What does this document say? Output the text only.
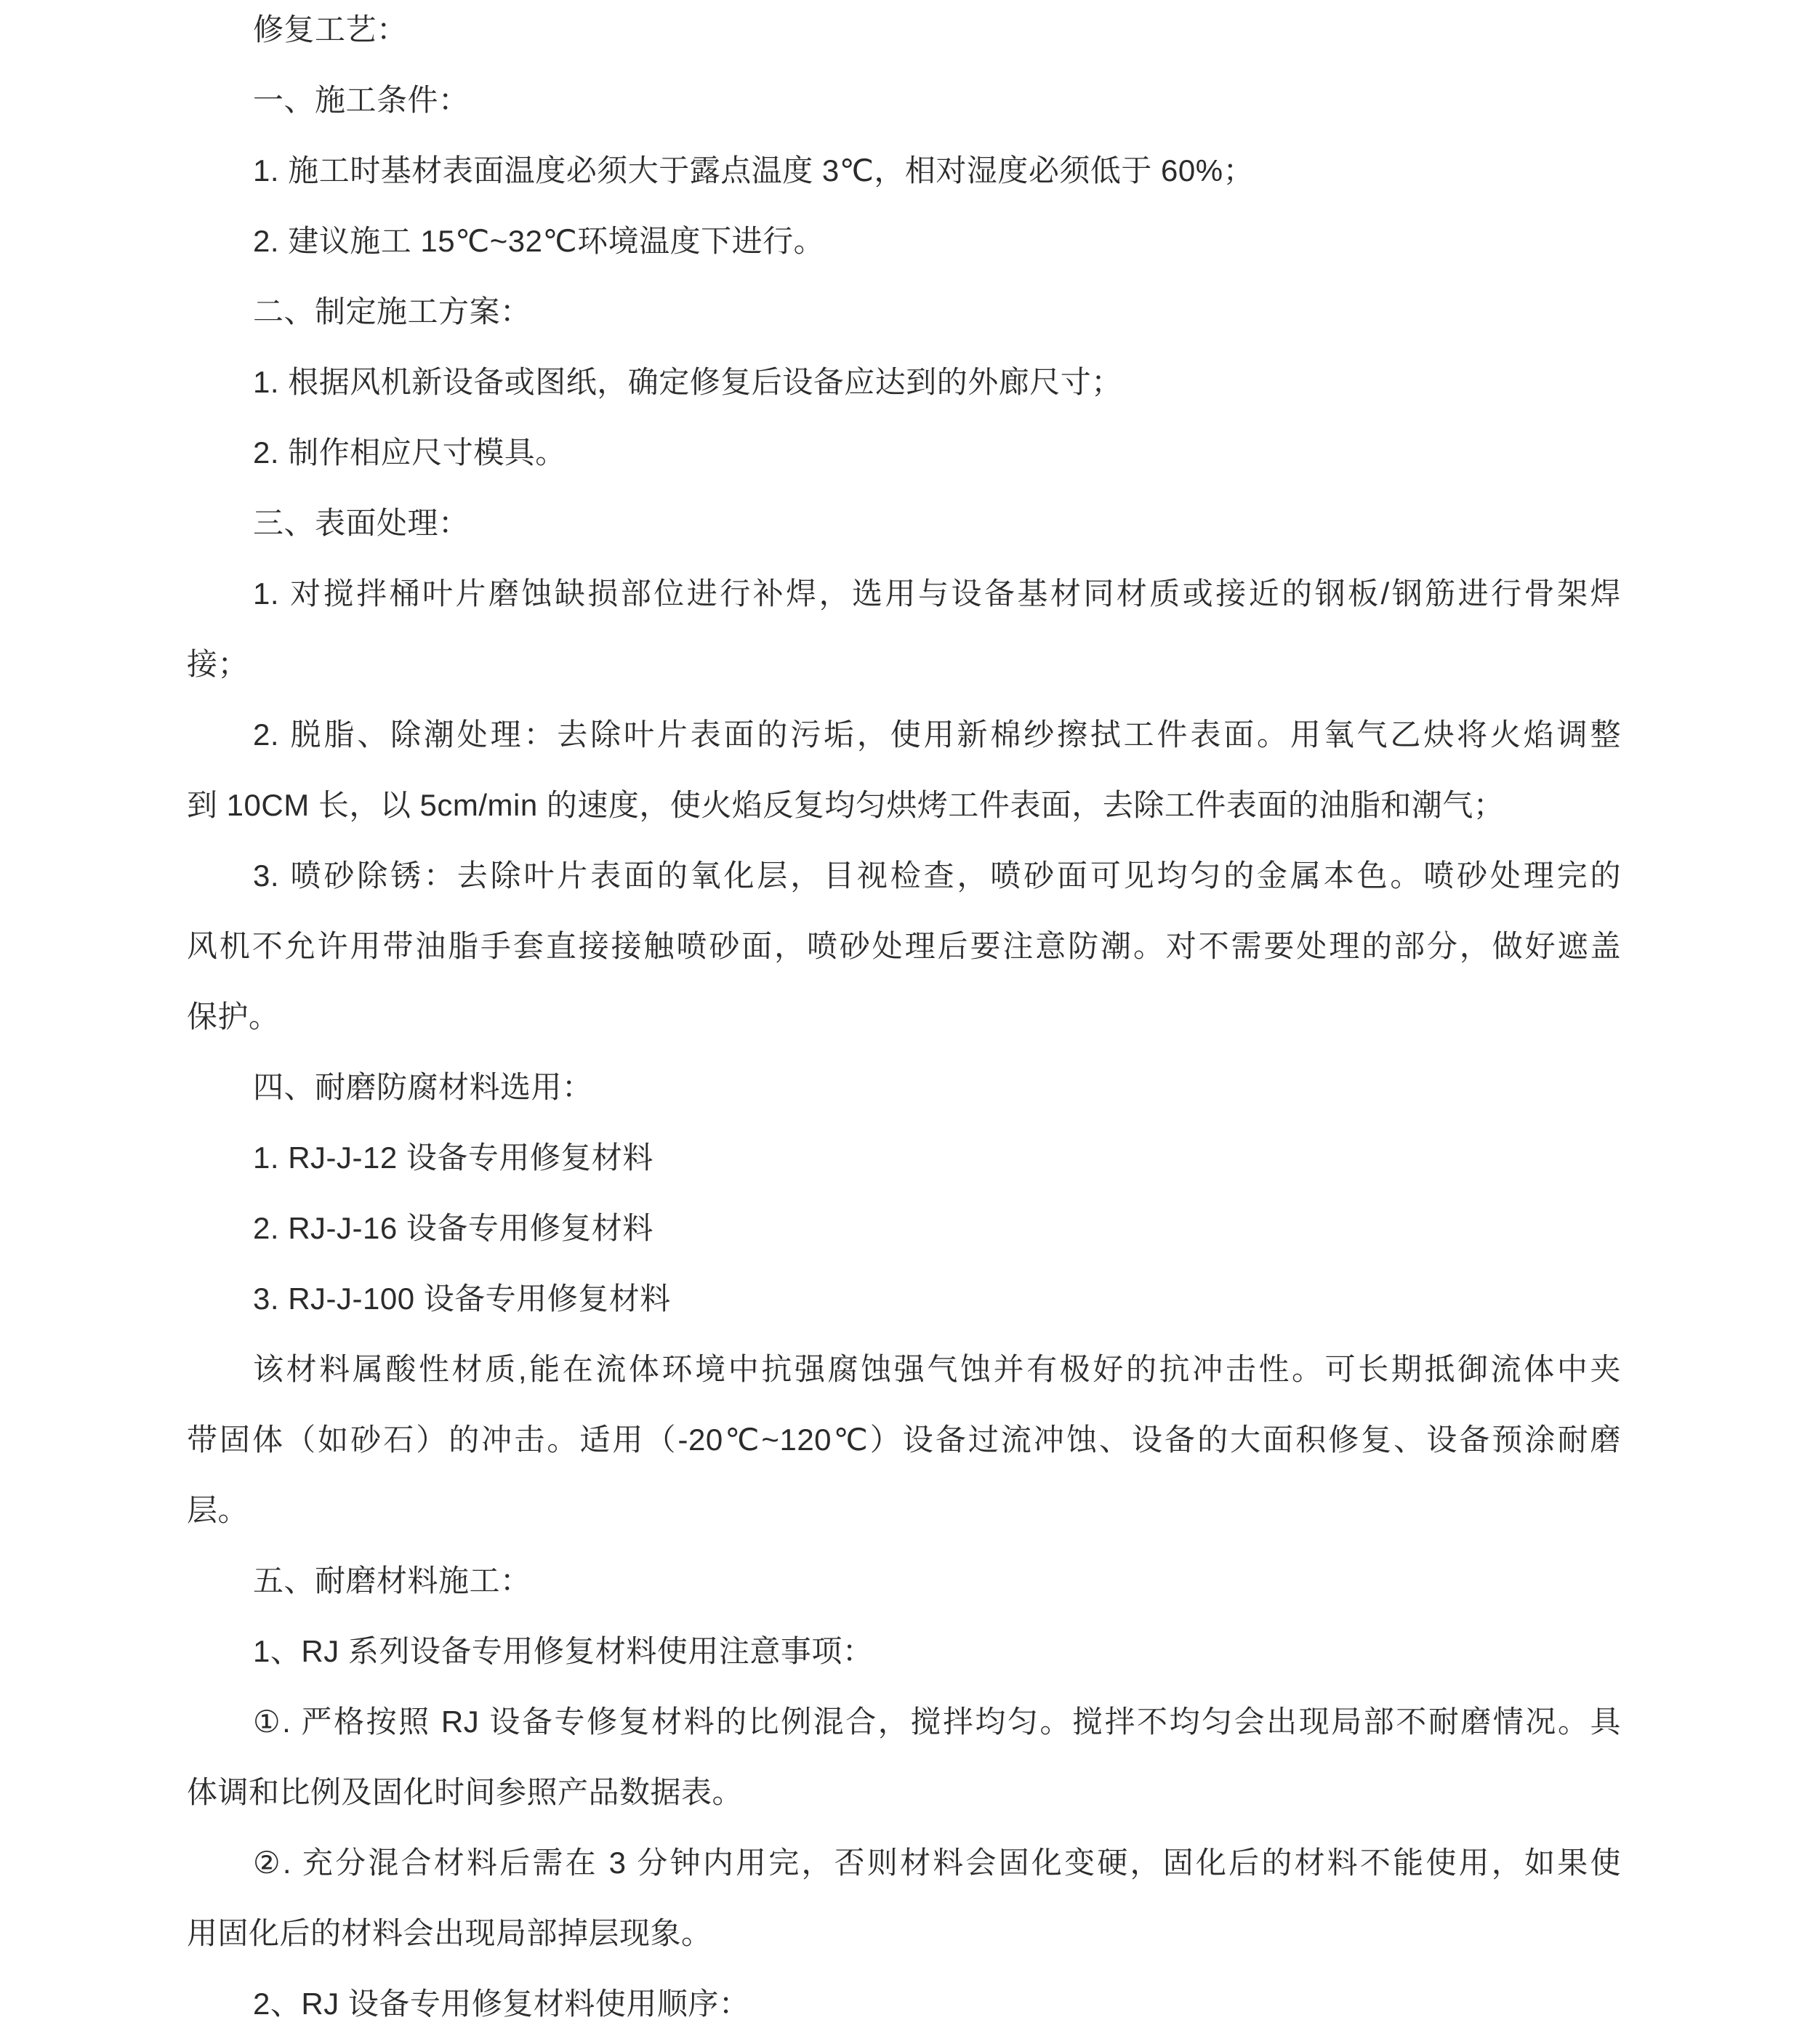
修复工艺：
一、施工条件：
1. 施工时基材表面温度必须大于露点温度 3℃，相对湿度必须低于 60%；
2. 建议施工 15℃~32℃环境温度下进行。
二、制定施工方案：
1. 根据风机新设备或图纸，确定修复后设备应达到的外廊尺寸；
2. 制作相应尺寸模具。
三、表面处理：
1. 对搅拌桶叶片磨蚀缺损部位进行补焊，选用与设备基材同材质或接近的钢板/钢筋进行骨架焊
接；
2. 脱脂、除潮处理：去除叶片表面的污垢，使用新棉纱擦拭工件表面。用氧气乙炔将火焰调整
到 10CM 长，以 5cm/min 的速度，使火焰反复均匀烘烤工件表面，去除工件表面的油脂和潮气；
3. 喷砂除锈：去除叶片表面的氧化层，目视检查，喷砂面可见均匀的金属本色。喷砂处理完的
风机不允许用带油脂手套直接接触喷砂面，喷砂处理后要注意防潮。对不需要处理的部分，做好遮盖
保护。
四、耐磨防腐材料选用：
1. RJ-J-12 设备专用修复材料
2. RJ-J-16 设备专用修复材料
3. RJ-J-100 设备专用修复材料
该材料属酸性材质,能在流体环境中抗强腐蚀强气蚀并有极好的抗冲击性。可长期抵御流体中夹
带固体（如砂石）的冲击。适用（-20℃~120℃）设备过流冲蚀、设备的大面积修复、设备预涂耐磨
层。
五、耐磨材料施工：
1、RJ 系列设备专用修复材料使用注意事项：
①. 严格按照 RJ 设备专修复材料的比例混合，搅拌均匀。搅拌不均匀会出现局部不耐磨情况。具
体调和比例及固化时间参照产品数据表。
②. 充分混合材料后需在 3 分钟内用完，否则材料会固化变硬，固化后的材料不能使用，如果使
用固化后的材料会出现局部掉层现象。
2、RJ 设备专用修复材料使用顺序：
